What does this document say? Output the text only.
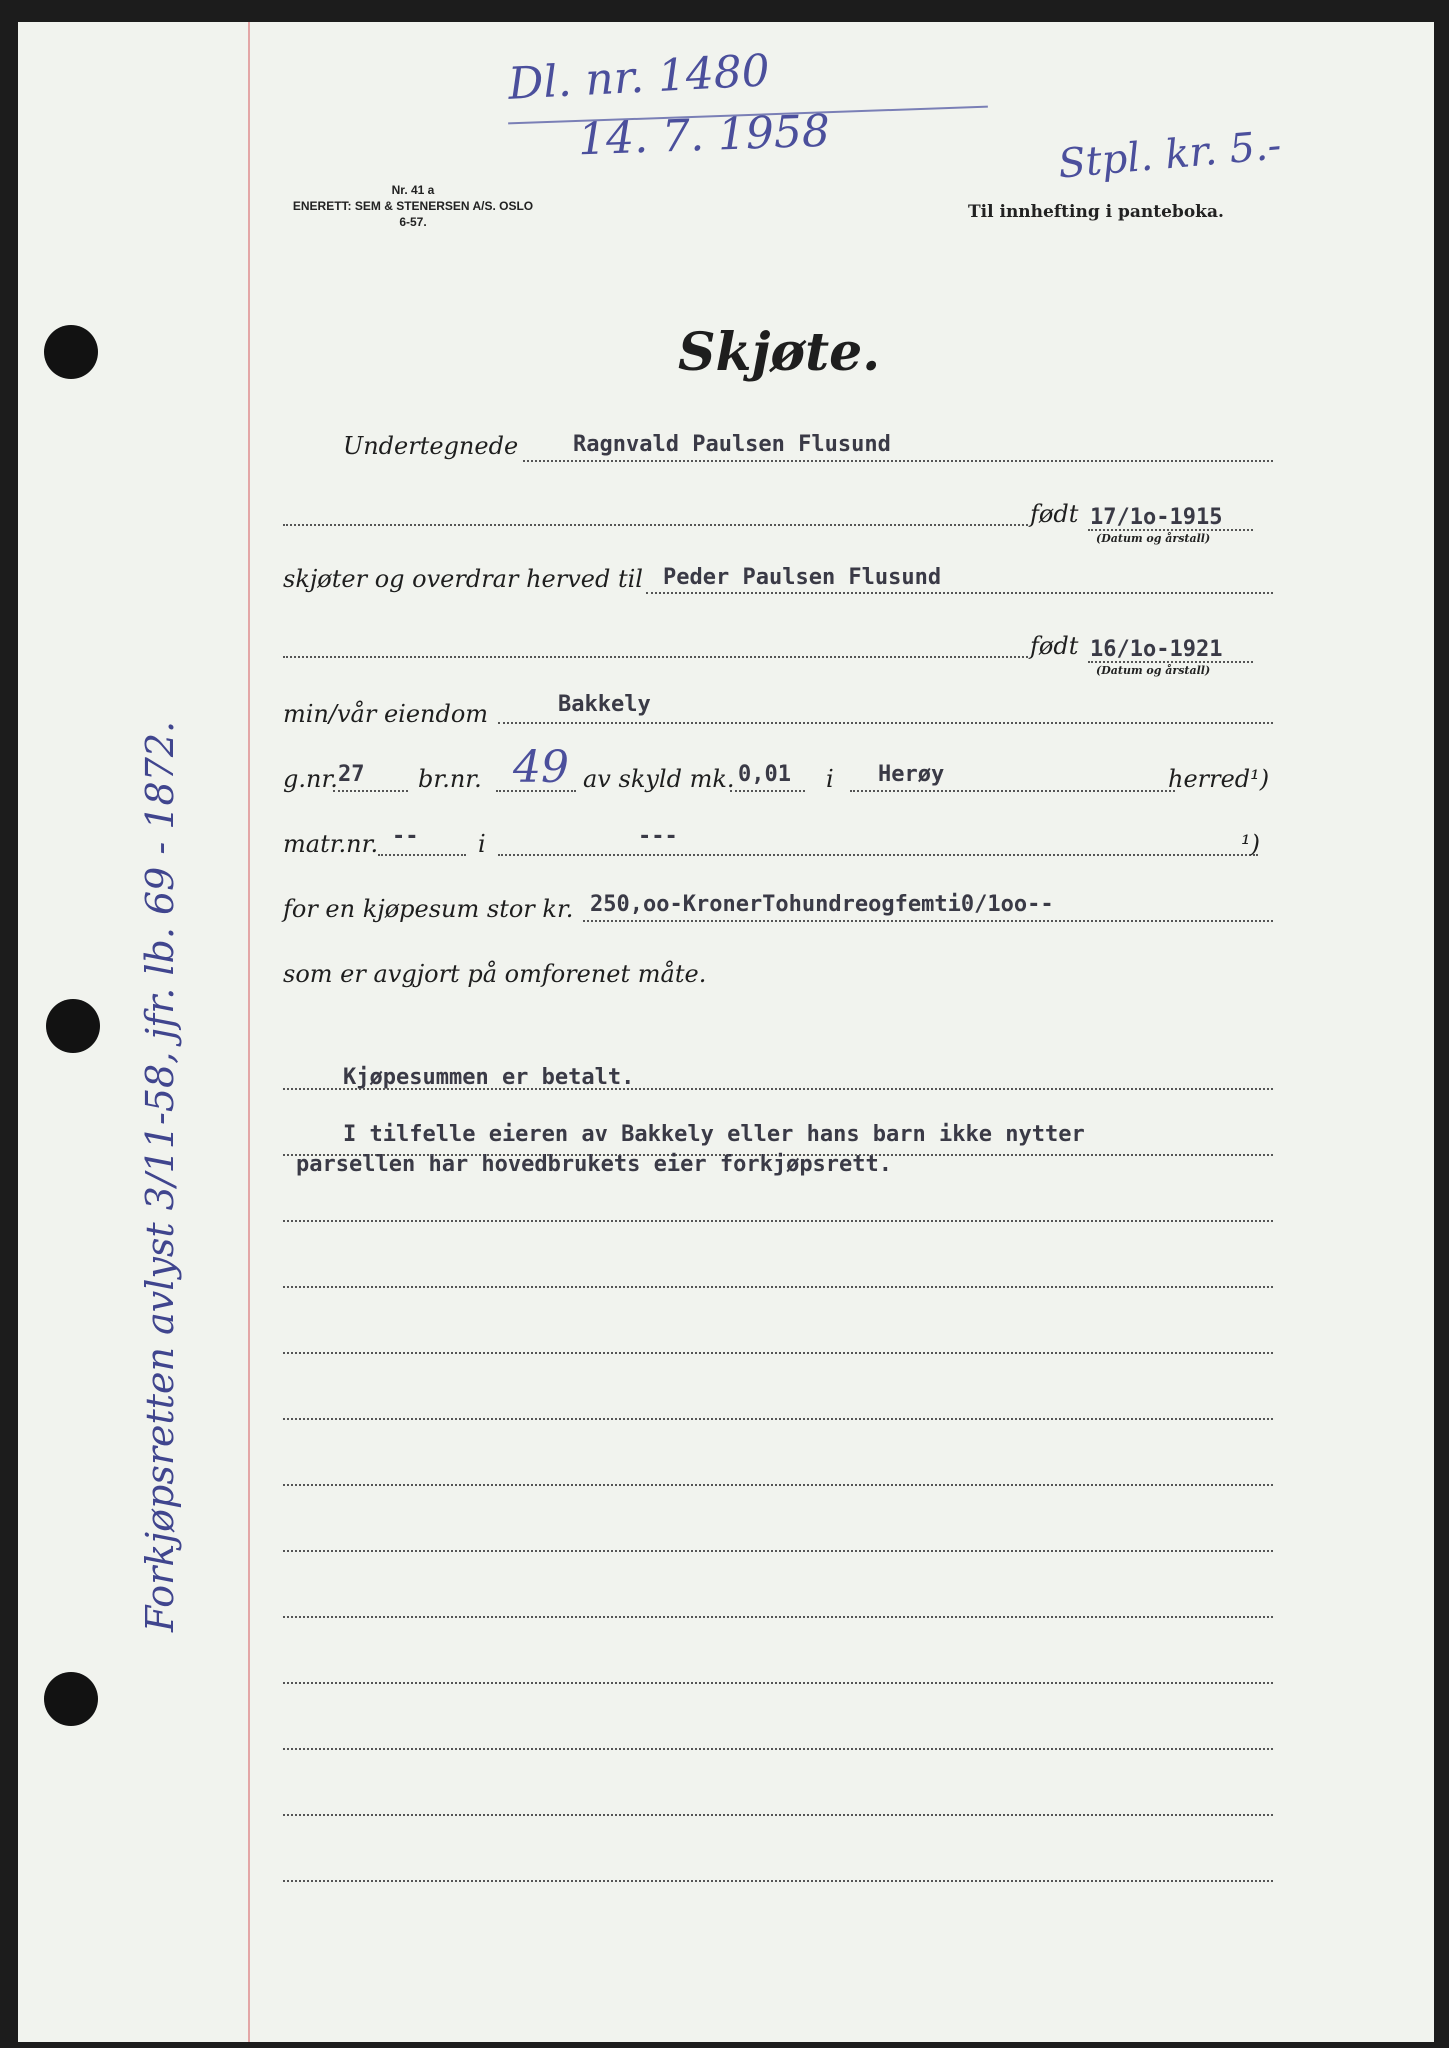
Dl. nr. 1480
14. 7. 1958	Stpl. kr. 5.-
Nr. 41 a
ENERETT: SEM & STENERSEN A/S. OSLO
6-57.	Til innhefting i panteboka.
Skjøte.
Undertegnede Ragnvald Paulsen Flusund
født 17/1o-1915
(Datum og årstall)
skjøter og overdrar herved til Peder Paulsen Flusund
født 16/1o-1921
(Datum og årstall)
min/vår eiendom	Bakkely
g.nr. 27 br.nr. 49 av skyld mk. 0,01 i Herøy	herred¹)
matr.nr. -- i	---	¹)
for en kjøpesum stor kr. 250,oo-KronerTohundreogfemti0/1oo--
som er avgjort på omforenet måte.
Kjøpesummen er betalt.
I tilfelle eieren av Bakkely eller hans barn ikke nytter
parsellen har hovedbrukets eier forkjøpsrett.
Forkjøpsretten avlyst 3/11-58, jfr. lb. 69 - 1872.
